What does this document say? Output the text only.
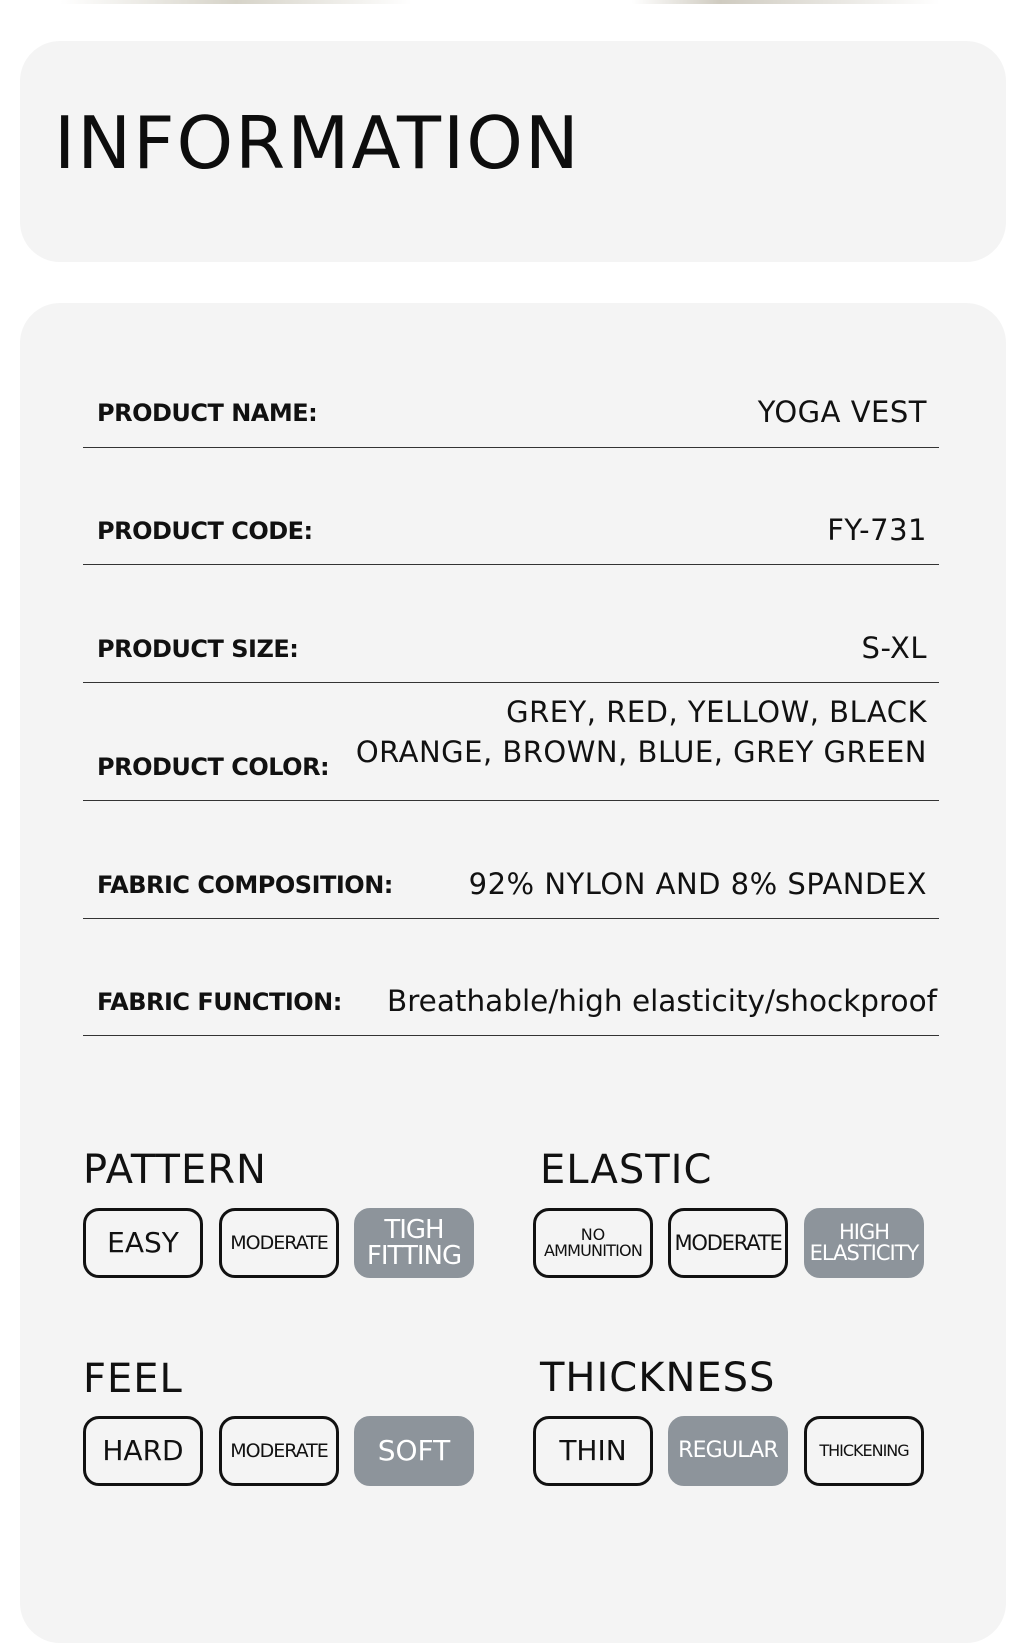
INFORMATION
PRODUCT NAME:	YOGA VEST
PRODUCT CODE:	FY-731
PRODUCT SIZE:	S-XL
PRODUCT COLOR:
GREY, RED, YELLOW, BLACK
ORANGE, BROWN, BLUE, GREY GREEN
FABRIC COMPOSITION:	92% NYLON AND 8% SPANDEX
FABRIC FUNCTION: Breathable/high elasticity/shockproof
PATTERN
EASY	MODERATE TIGH
FITTING
ELASTIC
NO
AMMUNITION MODERATE	HIGH
ELASTICITY
FEEL
HARD MODERATE SOFT
THICKNESS
THIN REGULAR	THICKENING
